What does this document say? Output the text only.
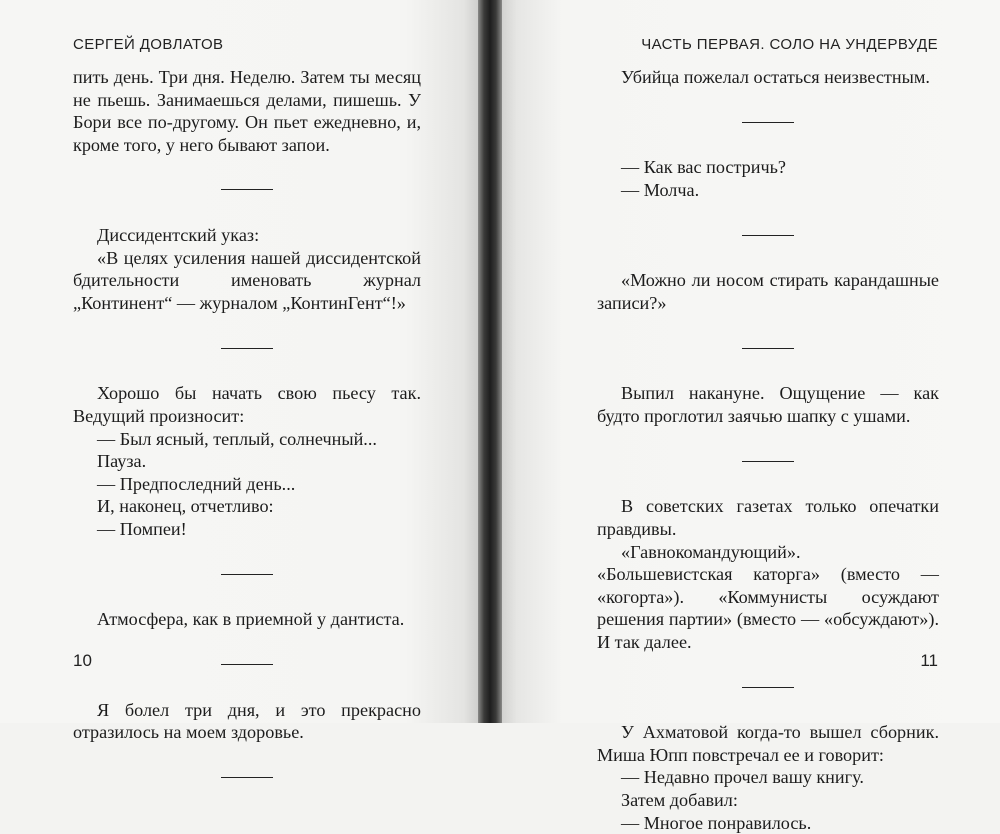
СЕРГЕЙ ДОВЛАТОВ

пить день. Три дня. Неделю. Затем ты месяц не пьешь. Занимаешься делами, пишешь. У Бори все по-другому. Он пьет ежедневно, и, кроме того, у него бывают запои.

Диссидентский указ:

«В целях усиления нашей диссидентской бдительности именовать журнал „Континент“ — журналом „КонтинГент“!»

Хорошо бы начать свою пьесу так. Ведущий произносит:

— Был ясный, теплый, солнечный...

Пауза.

— Предпоследний день...

И, наконец, отчетливо:

— Помпеи!

Атмосфера, как в приемной у дантиста.

Я болел три дня, и это прекрасно отразилось на моем здоровье.

10
ЧАСТЬ ПЕРВАЯ. СОЛО НА УНДЕРВУДЕ

Убийца пожелал остаться неизвестным.

— Как вас постричь?

— Молча.

«Можно ли носом стирать карандашные записи?»

Выпил накануне. Ощущение — как будто проглотил заячью шапку с ушами.

В советских газетах только опечатки правдивы.

«Гавнокомандующий». «Большевистская каторга» (вместо — «когорта»). «Коммунисты осуждают решения партии» (вместо — «обсуждают»). И так далее.

У Ахматовой когда-то вышел сборник. Миша Юпп повстречал ее и говорит:

— Недавно прочел вашу книгу.

Затем добавил:

— Многое понравилось.

11
